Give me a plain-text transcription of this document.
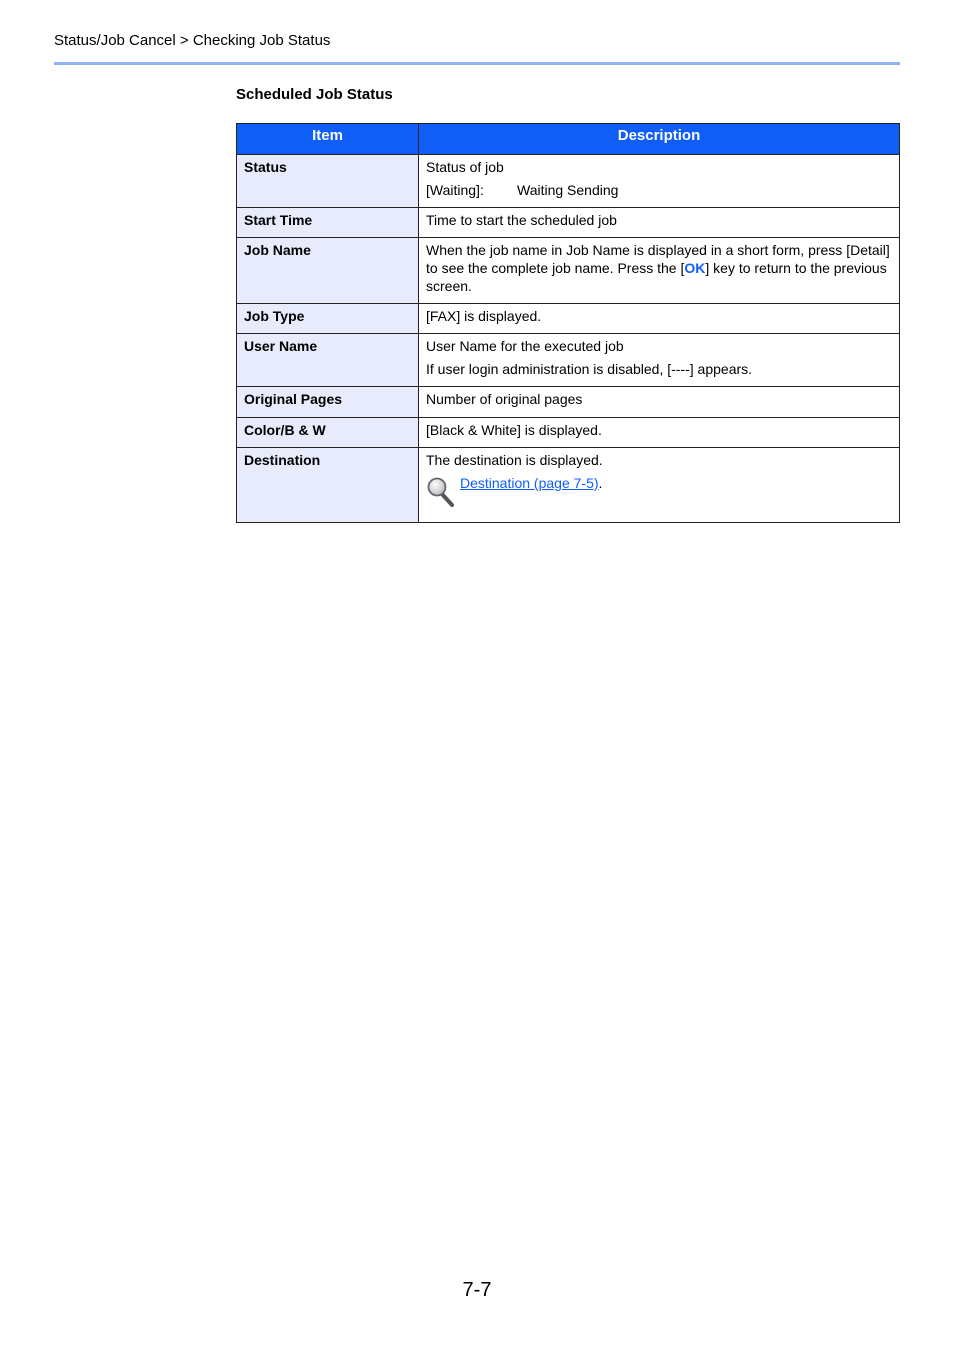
Status/Job Cancel > Checking Job Status
Scheduled Job Status
Item	Description
Status	Status of job
[Waiting]: Waiting Sending

Start Time	Time to start the scheduled job

Job Name	When the job name in Job Name is displayed in a short form, press [Detail] to see the complete job name. Press the [OK] key to return to the previous screen.
Job Type	[FAX] is displayed.

User Name	User Name for the executed job
If user login administration is disabled, [----] appears.

Original Pages	Number of original pages

Color/B & W	[Black & White] is displayed.

Destination	The destination is displayed.
Destination (page 7-5).
7-7
